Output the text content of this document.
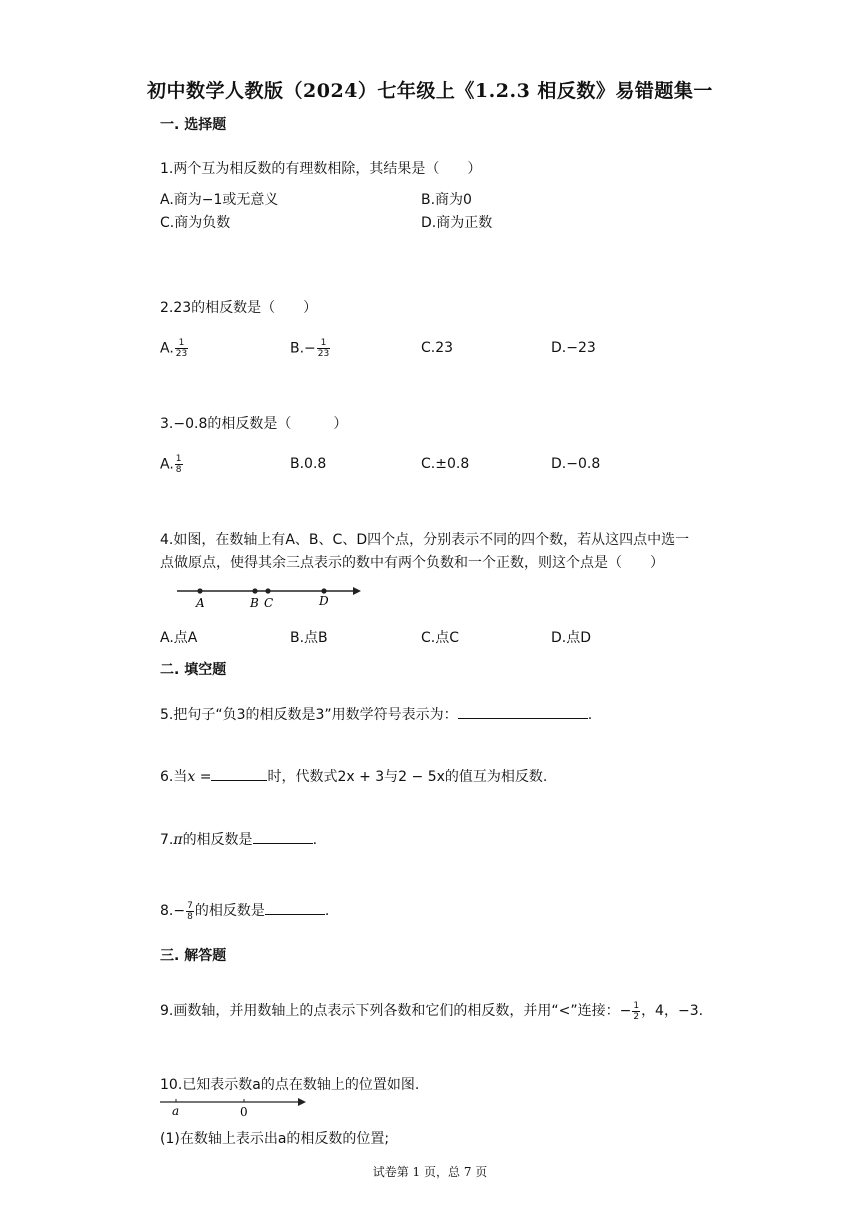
初中数学人教版（2024）七年级上《1.2.3 相反数》易错题集一
一. 选择题
1.两个互为相反数的有理数相除，其结果是（　　）
A.商为−1或无意义	B.商为0
C.商为负数	D.商为正数
2.23的相反数是（　　）
A. $\frac{1}{23}$	$B.- \frac{1}{23}$	C.23	D.−23
3.−0.8的相反数是（　　　）
A. $\frac{1}{8}$	B.0.8	C.±0.8	D.−0.8
4.如图，在数轴上有A、B、C、D四个点，分别表示不同的四个数，若从这四点中选一
点做原点，使得其余三点表示的数中有两个负数和一个正数，则这个点是（　　）
A	B C	D
A.点A	B.点B	C.点C	D.点D
二. 填空题
5.把句子“负3的相反数是3”用数学符号表示为：	.
6.当x =	时，代数式2x + 3与2 − 5x的值互为相反数.
7.π的相反数是	.
$8.- \frac{7}{8}$ 的相反数是	.
三. 解答题
9.画数轴，并用数轴上的点表示下列各数和它们的相反数，并用“<”连接：− $\frac{1}{2}$ ，4，−3.
10.已知表示数a的点在数轴上的位置如图.
a	0
(1)在数轴上表示出a的相反数的位置;
试卷第 1 页，总 7 页
